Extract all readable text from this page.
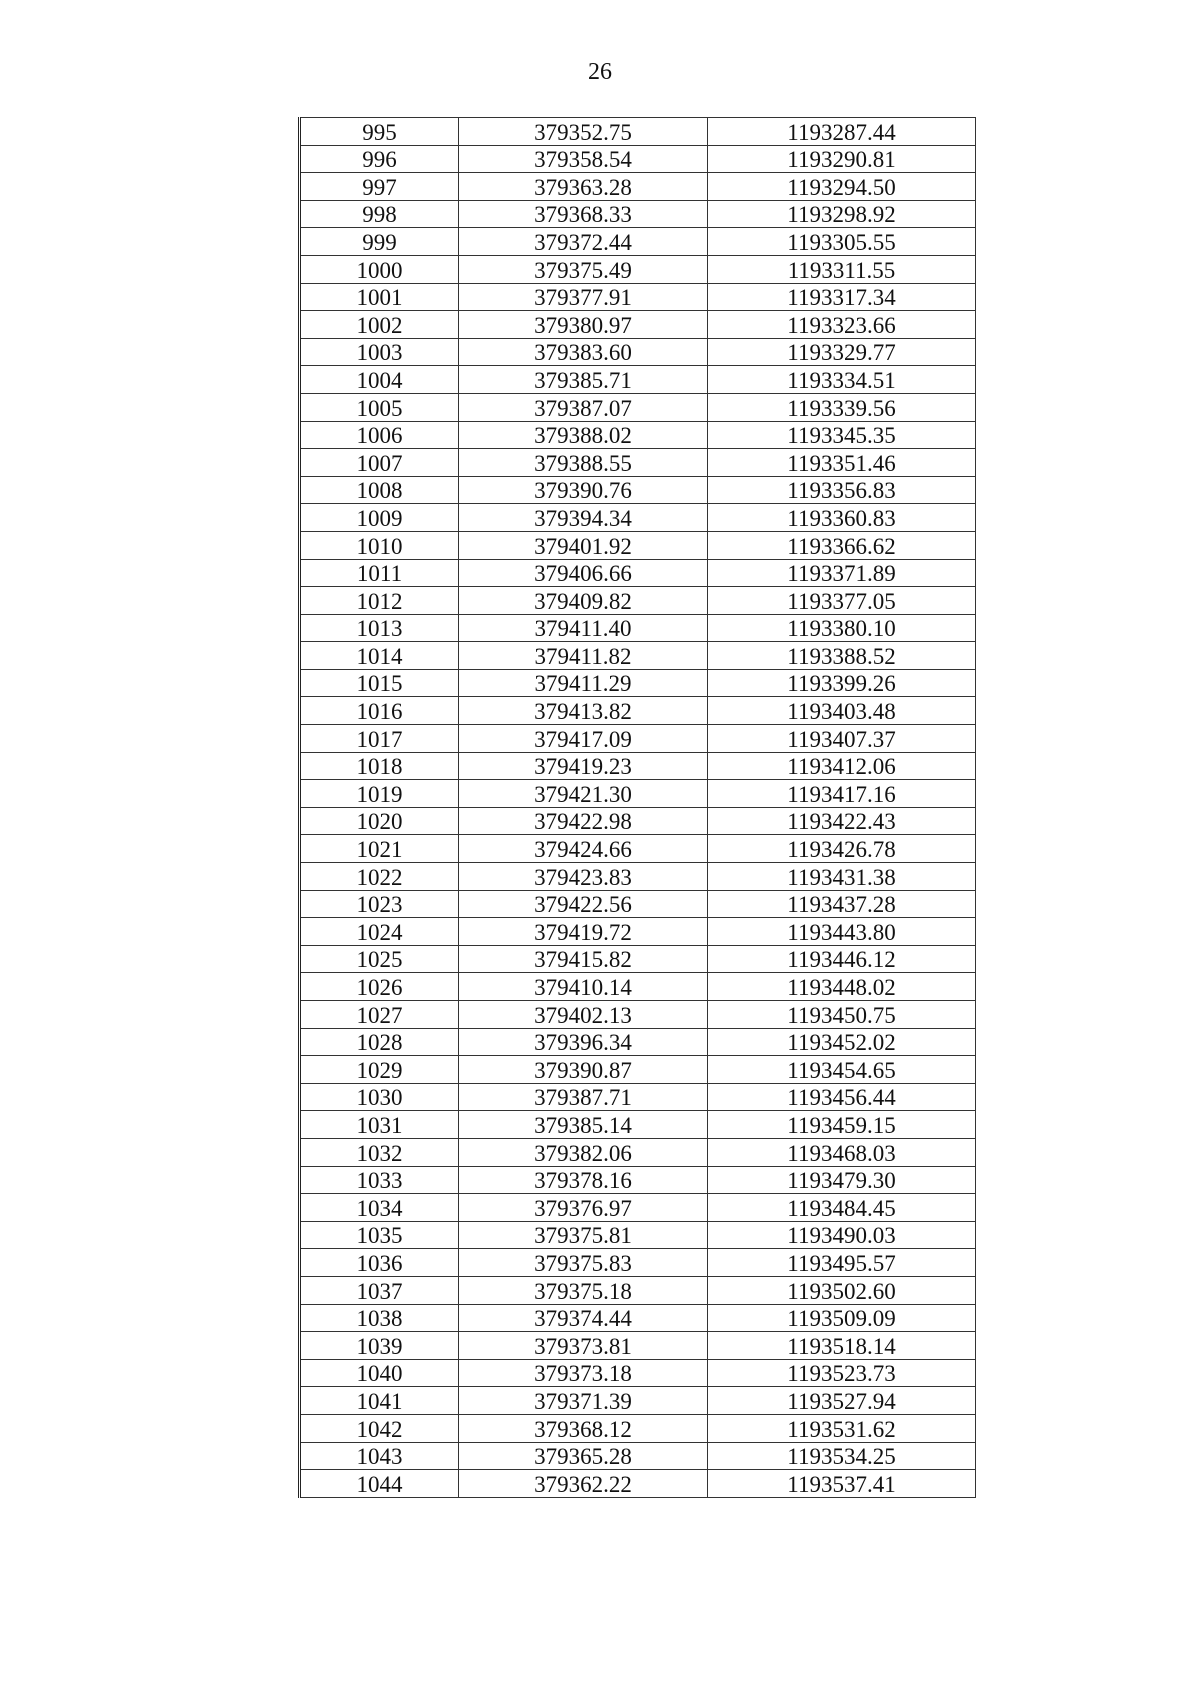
26
995	379352.75	1193287.44
996	379358.54	1193290.81
997	379363.28	1193294.50
998	379368.33	1193298.92
999	379372.44	1193305.55
1000	379375.49	1193311.55
1001	379377.91	1193317.34
1002	379380.97	1193323.66
1003	379383.60	1193329.77
1004	379385.71	1193334.51
1005	379387.07	1193339.56
1006	379388.02	1193345.35
1007	379388.55	1193351.46
1008	379390.76	1193356.83
1009	379394.34	1193360.83
1010	379401.92	1193366.62
1011	379406.66	1193371.89
1012	379409.82	1193377.05
1013	379411.40	1193380.10
1014	379411.82	1193388.52
1015	379411.29	1193399.26
1016	379413.82	1193403.48
1017	379417.09	1193407.37
1018	379419.23	1193412.06
1019	379421.30	1193417.16
1020	379422.98	1193422.43
1021	379424.66	1193426.78
1022	379423.83	1193431.38
1023	379422.56	1193437.28
1024	379419.72	1193443.80
1025	379415.82	1193446.12
1026	379410.14	1193448.02
1027	379402.13	1193450.75
1028	379396.34	1193452.02
1029	379390.87	1193454.65
1030	379387.71	1193456.44
1031	379385.14	1193459.15
1032	379382.06	1193468.03
1033	379378.16	1193479.30
1034	379376.97	1193484.45
1035	379375.81	1193490.03
1036	379375.83	1193495.57
1037	379375.18	1193502.60
1038	379374.44	1193509.09
1039	379373.81	1193518.14
1040	379373.18	1193523.73
1041	379371.39	1193527.94
1042	379368.12	1193531.62
1043	379365.28	1193534.25
1044	379362.22	1193537.41
